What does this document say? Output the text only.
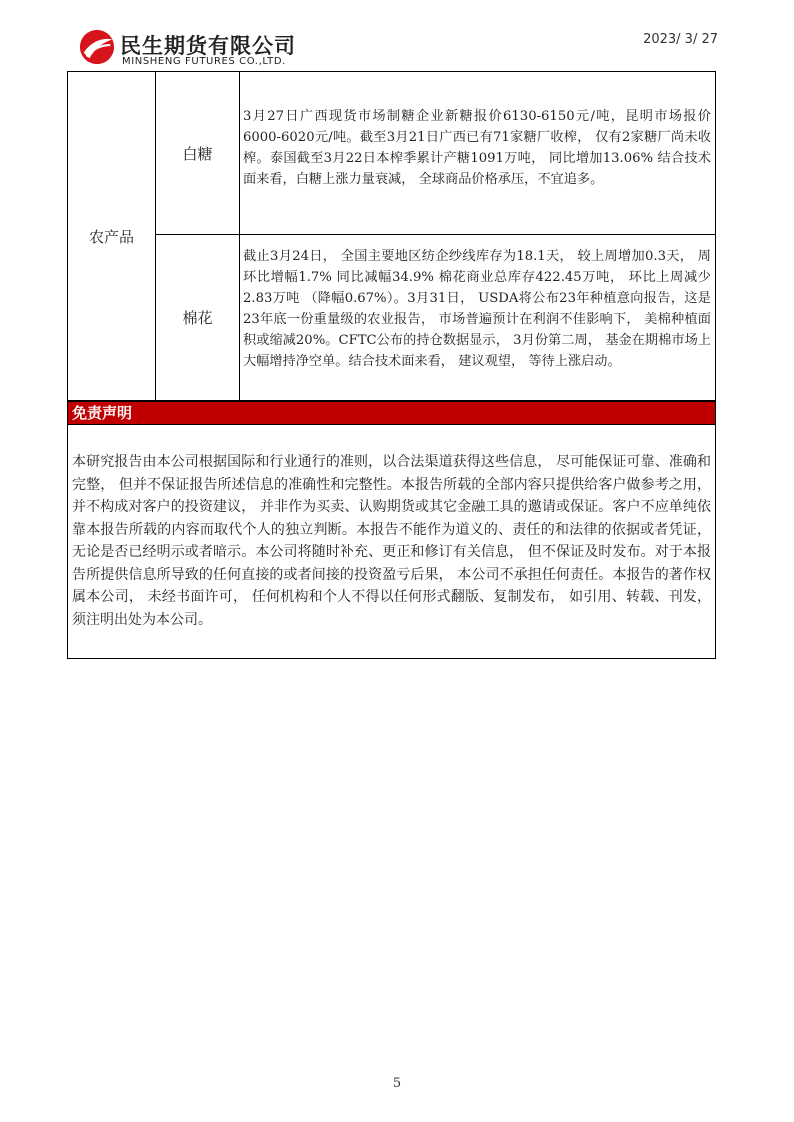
民生期货有限公司
MINSHENG FUTURES CO.,LTD.
2023/ 3/ 27
农产品
白糖
3月27日广西现货市场制糖企业新糖报价6130-6150元/吨，昆明市场报价6000-6020元/吨。截至3月21日广西已有71家糖厂收榨， 仅有2家糖厂尚未收榨。泰国截至3月22日本榨季累计产糖1091万吨， 同比增加13.06% 结合技术面来看，白糖上涨力量衰减， 全球商品价格承压，不宜追多。
棉花
截止3月24日， 全国主要地区纺企纱线库存为18.1天， 较上周增加0.3天， 周环比增幅1.7% 同比减幅34.9% 棉花商业总库存422.45万吨， 环比上周减少2.83万吨 （降幅0.67%）。3月31日， USDA将公布23年种植意向报告，这是23年底一份重量级的农业报告， 市场普遍预计在利润不佳影响下， 美棉种植面积或缩减20%。CFTC公布的持仓数据显示， 3月份第二周， 基金在期棉市场上大幅增持净空单。结合技术面来看， 建议观望， 等待上涨启动。
免责声明
本研究报告由本公司根据国际和行业通行的准则，以合法渠道获得这些信息， 尽可能保证可靠、准确和完整， 但并不保证报告所述信息的准确性和完整性。本报告所载的全部内容只提供给客户做参考之用， 并不构成对客户的投资建议， 并非作为买卖、认购期货或其它金融工具的邀请或保证。客户不应单纯依靠本报告所载的内容而取代个人的独立判断。本报告不能作为道义的、责任的和法律的依据或者凭证， 无论是否已经明示或者暗示。本公司将随时补充、更正和修订有关信息， 但不保证及时发布。对于本报告所提供信息所导致的任何直接的或者间接的投资盈亏后果， 本公司不承担任何责任。本报告的著作权属本公司， 未经书面许可， 任何机构和个人不得以任何形式翻版、复制发布， 如引用、转载、刊发， 须注明出处为本公司。
5
